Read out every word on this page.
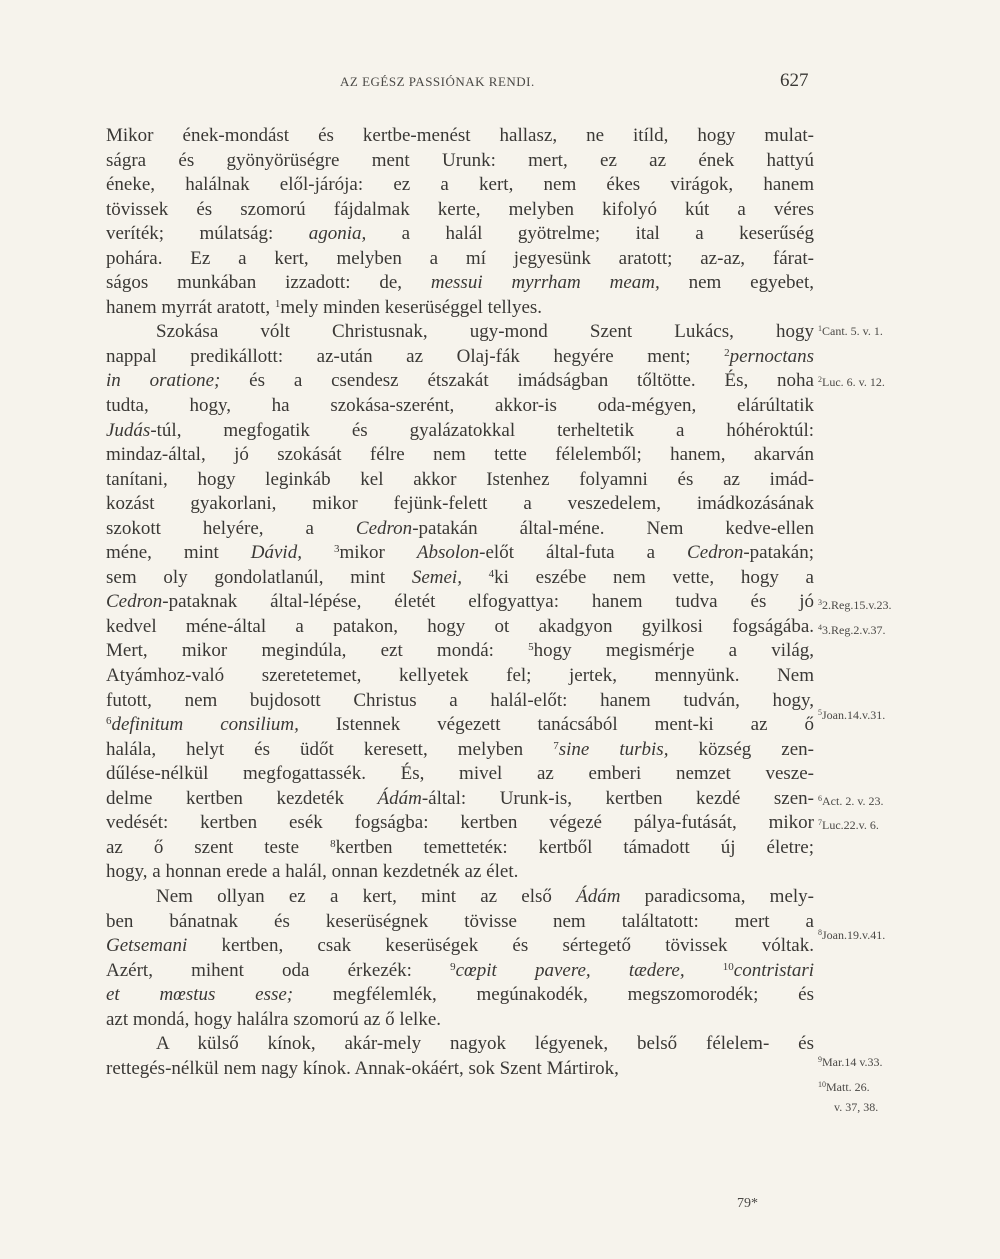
AZ EGÉSZ PASSIÓNAK RENDI.	627
Mikor ének-mondást és kertbe-menést hallasz, ne itíld, hogy mulat-
ságra és gyönyörüségre ment Urunk: mert, ez az ének hattyú
éneke, halálnak elől-járója: ez a kert, nem ékes virágok, hanem
tövissek és szomorú fájdalmak kerte, melyben kifolyó kút a véres
veríték; múlatság: agonia, a halál gyötrelme; ital a keserűség
pohára. Ez a kert, melyben a mí jegyesünk aratott; az-az, fárat-
ságos munkában izzadott: de, messui myrrham meam, nem egyebet,
hanem myrrát aratott, $^1$mely minden keserüséggel tellyes.
Szokása vólt Christusnak, ugy-mond Szent Lukács, hogy
nappal predikállott: az-után az Olaj-fák hegyére ment; $^2$pernoctans
in oratione; és a csendesz étszakát imádságban tőltötte. És, noha
tudta, hogy, ha szokása-szerént, akkor-is oda-mégyen, elárúltatik
Judás-túl, megfogatik és gyalázatokkal terheltetik a hóhéroktúl:
mindaz-által, jó szokását félre nem tette félelemből; hanem, akarván
tanítani, hogy leginkáb kel akkor Istenhez folyamni és az imád-
kozást gyakorlani, mikor fejünk-felett a veszedelem, imádkozásának
szokott helyére, a Cedron-patakán által-méne. Nem kedve-ellen
méne, mint Dávid,	$^3$mikor Absolon-előt által-futa a Cedron-patakán;
sem oly gondolatlanúl, mint Semei, $^4$ki eszébe nem vette, hogy a
Cedron-pataknak által-lépése, életét elfogyattya: hanem tudva és jó
kedvel méne-által a patakon, hogy ot akadgyon gyilkosi fogságába.
Mert, mikor megindúla, ezt mondá: $^5$hogy megismérje a világ,
Atyámhoz-való szeretetemet, kellyetek fel; jertek, mennyünk. Nem
futott, nem bujdosott Christus a halál-előt: hanem tudván, hogy,
$^6$definitum consilium, Istennek végezett tanácsából ment-ki az ő
halála, helyt és üdőt keresett, melyben $^7$sine turbis, község zen-
dűlése-nélkül megfogattassék. És, mivel az emberi nemzet vesze-
delme kertben kezdeték Ádám-által: Urunk-is, kertben kezdé szen-
vedését: kertben esék fogságba: kertben végezé pálya-futását, mikor
az ő szent teste $^8$kertben temettetéк: kertből támadott új életre;
hogy, a honnan erede a halál, onnan kezdetnék az élet.
Nem ollyan ez a kert, mint az első Ádám paradicsoma, mely-
ben bánatnak és keserüségnek tövisse nem találtatott: mert a
Getsemani kertben, csak keserüségek és sértegető tövissek vóltak.
Azért, mihent oda érkezék: $^9$cœpit pavere, tædere,	$^{10}$contristari
et mœstus esse; megfélemlék, megúnakodék, megszomorodék; és
azt mondá, hogy halálra szomorú az ő lelke.
A külső kínok, akár-mely nagyok légyenek, belső félelem- és
rettegés-nélkül nem nagy kínok. Annak-okáért, sok Szent Mártirok,
$^1$Cant. 5. v. 1.
$^2$Luc. 6. v. 12.
$^3$2.Reg.15.v.23.
$^4$3.Reg.2.v.37.
$^5$Joan.14.v.31.
$^6$Act. 2. v. 23.
$^7$Luc.22.v. 6.
$^8$Joan.19.v.41.
$^9$Mar.14 v.33.
$^{10}$Matt. 26.
v. 37, 38.
79*
